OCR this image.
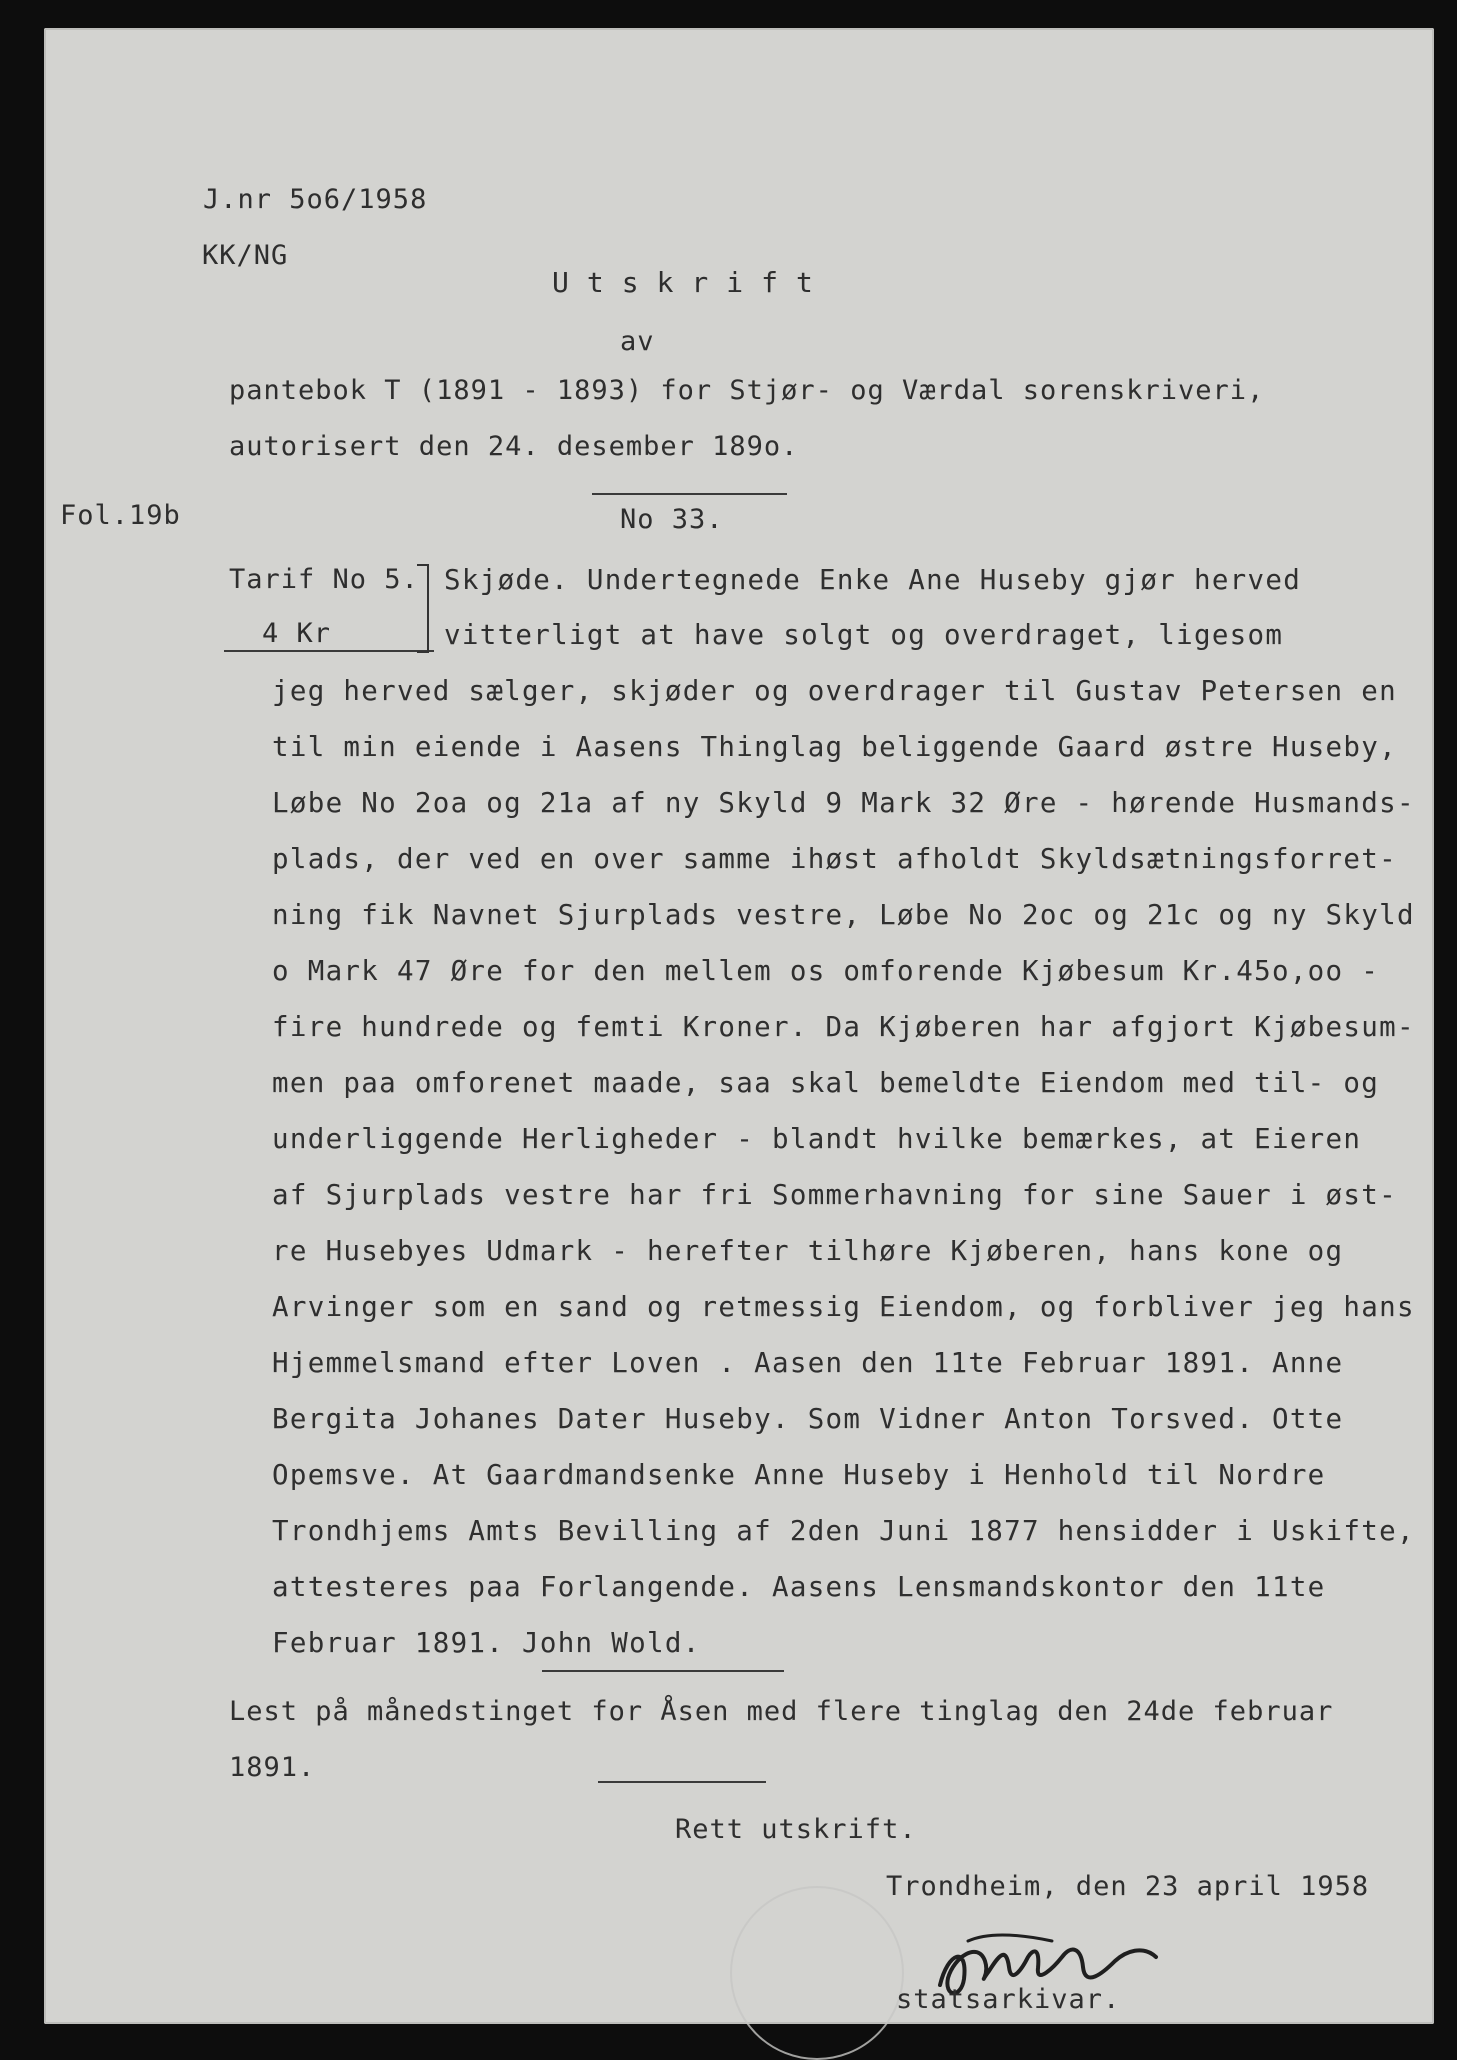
J.nr 5o6/1958
KK/NG
Utskrift
av
pantebok T (1891 - 1893) for Stjør- og Værdal sorenskriveri,
autorisert den 24. desember 189o.
Fol.19b	No 33.
Tarif No 5.
4 Kr
Skjøde. Undertegnede Enke Ane Huseby gjør herved
vitterligt at have solgt og overdraget, ligesom
jeg herved sælger, skjøder og overdrager til Gustav Petersen en
til min eiende i Aasens Thinglag beliggende Gaard østre Huseby,
Løbe No 2oa og 21a af ny Skyld 9 Mark 32 Øre - hørende Husmands-
plads, der ved en over samme ihøst afholdt Skyldsætningsforret-
ning fik Navnet Sjurplads vestre, Løbe No 2oc og 21c og ny Skyld
o Mark 47 Øre for den mellem os omforende Kjøbesum Kr.45o,oo -
fire hundrede og femti Kroner. Da Kjøberen har afgjort Kjøbesum-
men paa omforenet maade, saa skal bemeldte Eiendom med til- og
underliggende Herligheder - blandt hvilke bemærkes, at Eieren
af Sjurplads vestre har fri Sommerhavning for sine Sauer i øst-
re Husebyes Udmark - herefter tilhøre Kjøberen, hans kone og
Arvinger som en sand og retmessig Eiendom, og forbliver jeg hans
Hjemmelsmand efter Loven . Aasen den 11te Februar 1891. Anne
Bergita Johanes Dater Huseby. Som Vidner Anton Torsved. Otte
Opemsve. At Gaardmandsenke Anne Huseby i Henhold til Nordre
Trondhjems Amts Bevilling af 2den Juni 1877 hensidder i Uskifte,
attesteres paa Forlangende. Aasens Lensmandskontor den 11te
Februar 1891. John Wold.
Lest på månedstinget for Åsen med flere tinglag den 24de februar
1891.
Rett utskrift.
Trondheim, den 23 april 1958
statsarkivar.
